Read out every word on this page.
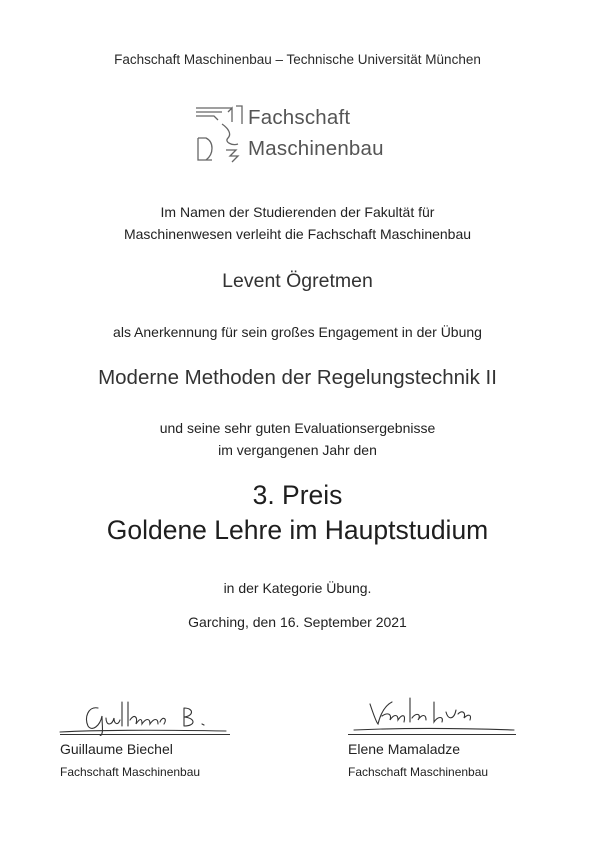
Fachschaft Maschinenbau – Technische Universität München
Fachschaft
Maschinenbau
Im Namen der Studierenden der Fakultät für
Maschinenwesen verleiht die Fachschaft Maschinenbau
Levent Ögretmen
als Anerkennung für sein großes Engagement in der Übung
Moderne Methoden der Regelungstechnik II
und seine sehr guten Evaluationsergebnisse
im vergangenen Jahr den
3. Preis
Goldene Lehre im Hauptstudium
in der Kategorie Übung.
Garching, den 16. September 2021
Guillaume Biechel
Fachschaft Maschinenbau
Elene Mamaladze
Fachschaft Maschinenbau
